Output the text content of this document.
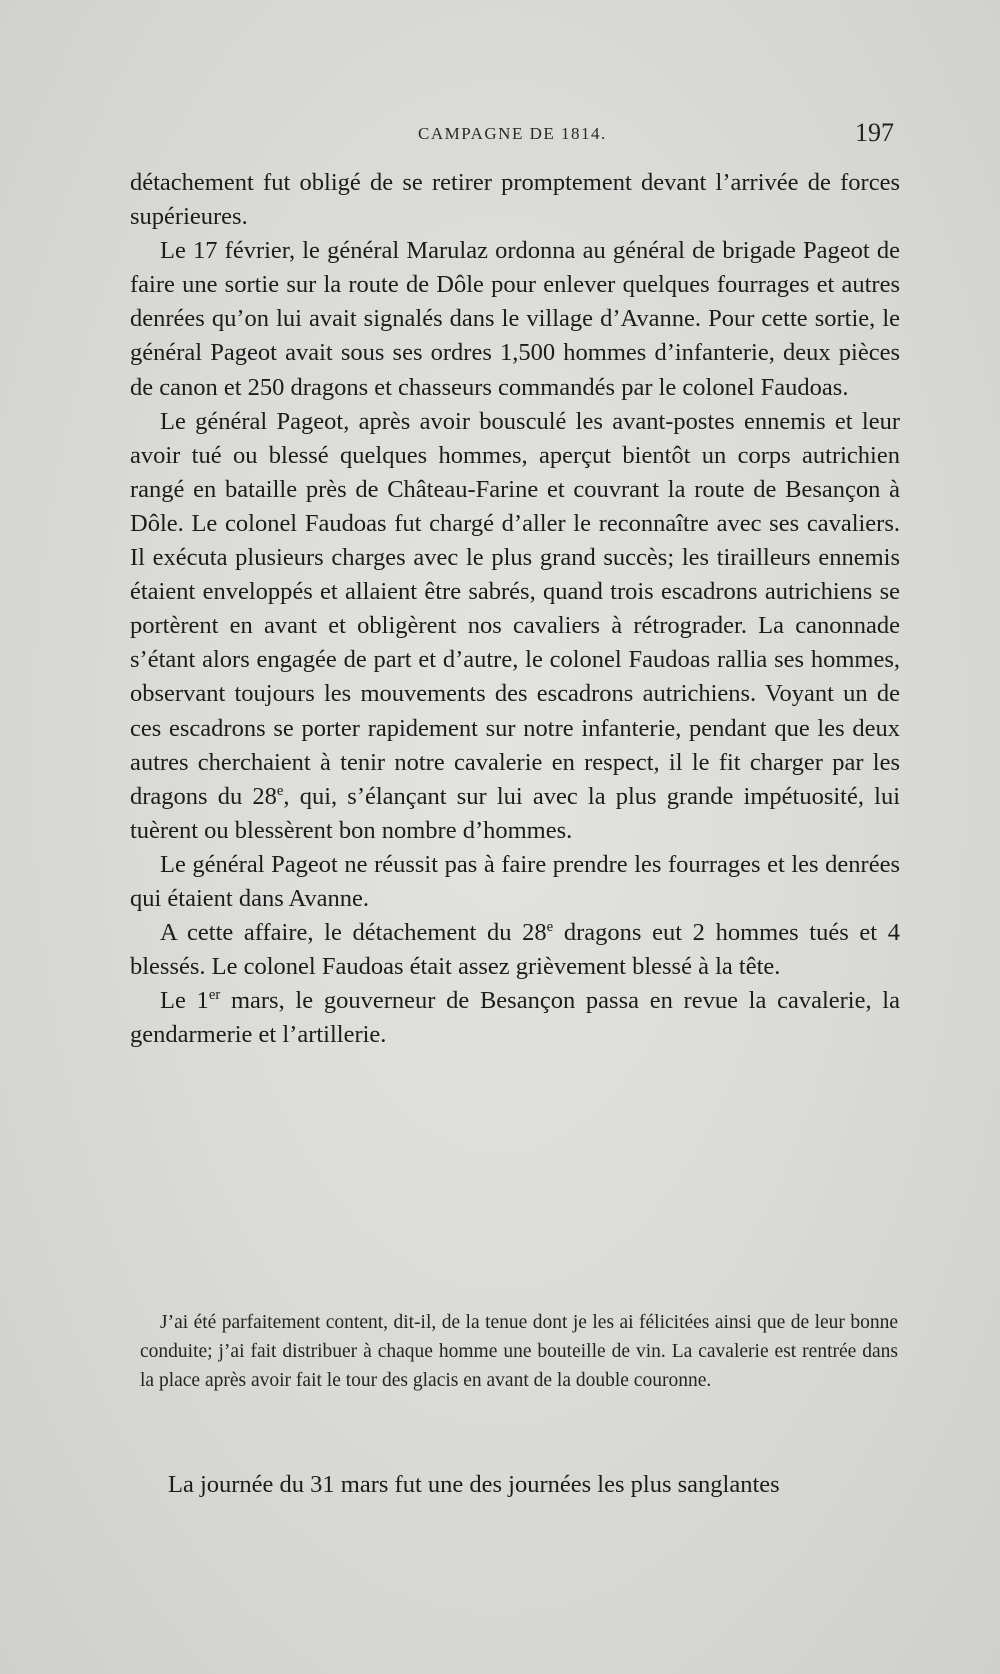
CAMPAGNE DE 1814.	197

détachement fut obligé de se retirer promptement devant l’arrivée de forces supérieures.

Le 17 février, le général Marulaz ordonna au général de brigade Pageot de faire une sortie sur la route de Dôle pour enlever quelques fourrages et autres denrées qu’on lui avait signalés dans le village d’Avanne. Pour cette sortie, le général Pageot avait sous ses ordres 1,500 hommes d’infanterie, deux pièces de canon et 250 dragons et chasseurs commandés par le colonel Faudoas.

Le général Pageot, après avoir bousculé les avant-postes ennemis et leur avoir tué ou blessé quelques hommes, aperçut bientôt un corps autrichien rangé en bataille près de Château-Farine et couvrant la route de Besançon à Dôle. Le colonel Faudoas fut chargé d’aller le reconnaître avec ses cavaliers. Il exécuta plusieurs charges avec le plus grand succès; les tirailleurs ennemis étaient enveloppés et allaient être sabrés, quand trois escadrons autrichiens se portèrent en avant et obligèrent nos cavaliers à rétrograder. La canonnade s’étant alors engagée de part et d’autre, le colonel Faudoas rallia ses hommes, observant toujours les mouvements des escadrons autrichiens. Voyant un de ces escadrons se porter rapidement sur notre infanterie, pendant que les deux autres cherchaient à tenir notre cavalerie en respect, il le fit charger par les dragons du 28e, qui, s’élançant sur lui avec la plus grande impétuosité, lui tuèrent ou blessèrent bon nombre d’hommes.

Le général Pageot ne réussit pas à faire prendre les fourrages et les denrées qui étaient dans Avanne.

A cette affaire, le détachement du 28e dragons eut 2 hommes tués et 4 blessés. Le colonel Faudoas était assez grièvement blessé à la tête.

Le 1er mars, le gouverneur de Besançon passa en revue la cavalerie, la gendarmerie et l’artillerie.

J’ai été parfaitement content, dit-il, de la tenue dont je les ai félicitées ainsi que de leur bonne conduite; j’ai fait distribuer à chaque homme une bouteille de vin. La cavalerie est rentrée dans la place après avoir fait le tour des glacis en avant de la double couronne.

La journée du 31 mars fut une des journées les plus sanglantes
